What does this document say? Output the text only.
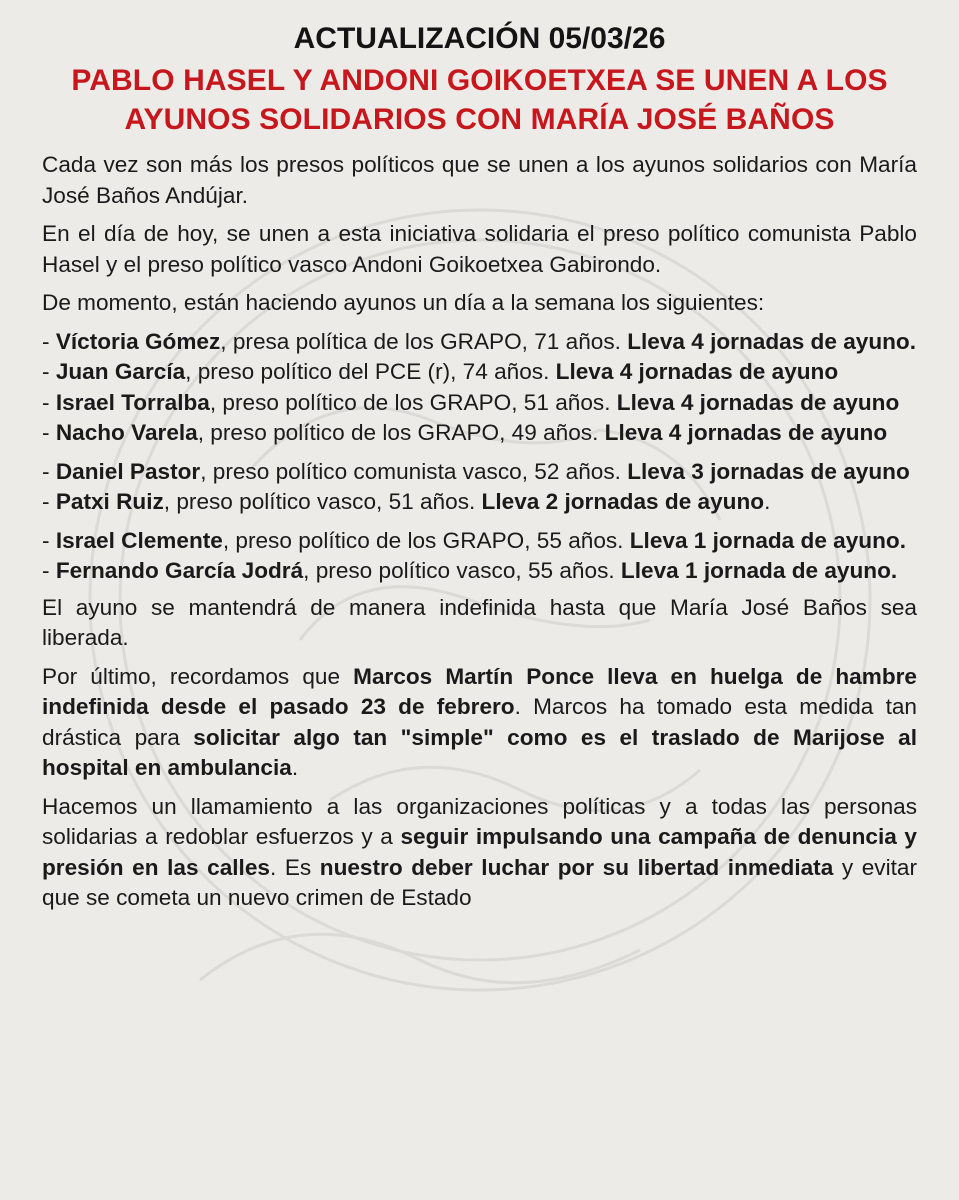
ACTUALIZACIÓN 05/03/26
PABLO HASEL Y ANDONI GOIKOETXEA SE UNEN A LOS AYUNOS SOLIDARIOS CON MARÍA JOSÉ BAÑOS

Cada vez son más los presos políticos que se unen a los ayunos solidarios con María José Baños Andújar.

En el día de hoy, se unen a esta iniciativa solidaria el preso político comunista Pablo Hasel y el preso político vasco Andoni Goikoetxea Gabirondo.

De momento, están haciendo ayunos un día a la semana los siguientes:

- Víctoria Gómez, presa política de los GRAPO, 71 años. Lleva 4 jornadas de ayuno.

- Juan García, preso político del PCE (r), 74 años. Lleva 4 jornadas de ayuno

- Israel Torralba, preso político de los GRAPO, 51 años. Lleva 4 jornadas de ayuno

- Nacho Varela, preso político de los GRAPO, 49 años. Lleva 4 jornadas de ayuno

- Daniel Pastor, preso político comunista vasco, 52 años. Lleva 3 jornadas de ayuno

- Patxi Ruiz, preso político vasco, 51 años. Lleva 2 jornadas de ayuno.

- Israel Clemente, preso político de los GRAPO, 55 años. Lleva 1 jornada de ayuno.

- Fernando García Jodrá, preso político vasco, 55 años. Lleva 1 jornada de ayuno.

El ayuno se mantendrá de manera indefinida hasta que María José Baños sea liberada.

Por último, recordamos que Marcos Martín Ponce lleva en huelga de hambre indefinida desde el pasado 23 de febrero. Marcos ha tomado esta medida tan drástica para solicitar algo tan "simple" como es el traslado de Marijose al hospital en ambulancia.

Hacemos un llamamiento a las organizaciones políticas y a todas las personas solidarias a redoblar esfuerzos y a seguir impulsando una campaña de denuncia y presión en las calles. Es nuestro deber luchar por su libertad inmediata y evitar que se cometa un nuevo crimen de Estado
